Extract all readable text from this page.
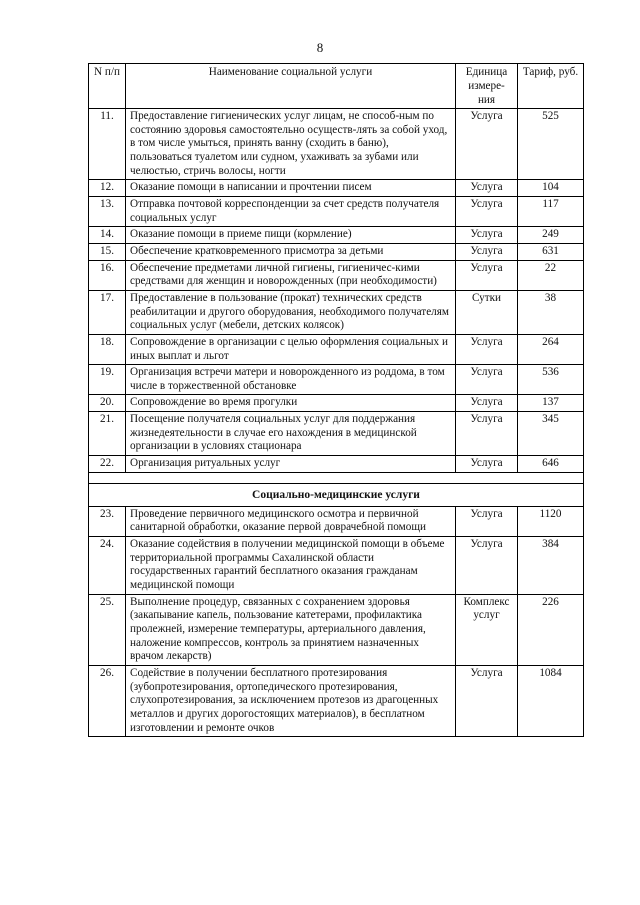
8
N п/п	Наименование социальной услуги	Единица измере- ния	Тариф, руб.
11.	Предоставление гигиенических услуг лицам, не способ-ным по состоянию здоровья самостоятельно осуществ-лять за собой уход, в том числе умыться, принять ванну (сходить в баню), пользоваться туалетом или судном, ухаживать за зубами или челюстью, стричь волосы, ногти	Услуга	525
12.	Оказание помощи в написании и прочтении писем	Услуга	104
13.	Отправка почтовой корреспонденции за счет средств получателя социальных услуг	Услуга	117
14.	Оказание помощи в приеме пищи (кормление)	Услуга	249
15.	Обеспечение кратковременного присмотра за детьми	Услуга	631
16.	Обеспечение предметами личной гигиены, гигиеничес-кими средствами для женщин и новорожденных (при необходимости)	Услуга	22
17.	Предоставление в пользование (прокат) технических средств реабилитации и другого оборудования, необходимого получателям социальных услуг (мебели, детских колясок)	Сутки	38
18.	Сопровождение в организации с целью оформления социальных и иных выплат и льгот	Услуга	264
19.	Организация встречи матери и новорожденного из роддома, в том числе в торжественной обстановке	Услуга	536
20.	Сопровождение во время прогулки	Услуга	137
21.	Посещение получателя социальных услуг для поддержания жизнедеятельности в случае его нахождения в медицинской организации в условиях стационара	Услуга	345
22.	Организация ритуальных услуг	Услуга	646

Социально-медицинские услуги			
23.	Проведение первичного медицинского осмотра и первичной санитарной обработки, оказание первой доврачебной помощи	Услуга	1120
24.	Оказание содействия в получении медицинской помощи в объеме территориальной программы Сахалинской области государственных гарантий бесплатного оказания гражданам медицинской помощи	Услуга	384
25.	Выполнение процедур, связанных с сохранением здоровья (закапывание капель, пользование катетерами, профилактика пролежней, измерение температуры, артериального давления, наложение компрессов, контроль за принятием назначенных врачом лекарств)	Комплекс услуг	226
26.	Содействие в получении бесплатного протезирования (зубопротезирования, ортопедического протезирования, слухопротезирования, за исключением протезов из драгоценных металлов и других дорогостоящих материалов), в бесплатном изготовлении и ремонте очков	Услуга	1084
